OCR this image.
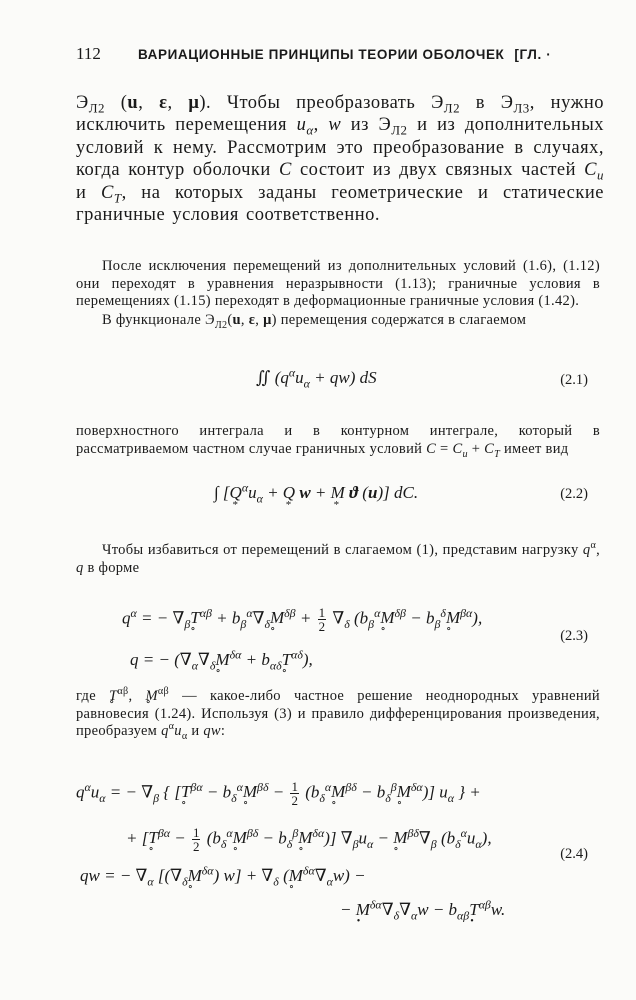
112	ВАРИАЦИОННЫЕ ПРИНЦИПЫ ТЕОРИИ ОБОЛОЧЕК [ГЛ. ·

$Э_{Л2}$ (u, ε, μ). Чтобы преобразовать $Э_{Л2}$ в $Э_{Л3}$, нужно исключить перемещения $u_\alpha$, w из $Э_{Л2}$ и из дополнительных условий к нему. Рассмотрим это преобразование в случаях, когда контур оболочки C состоит из двух связных частей $C_u$ и $C_T$, на которых заданы геометрические и статические граничные условия соответственно.

После исключения перемещений из дополнительных условий (1.6), (1.12) они переходят в уравнения неразрывности (1.13); граничные условия в перемещениях (1.15) переходят в деформационные граничные условия (1.42).

В функционале $Э_{Л2}(u$, ε, μ) перемещения содержатся в слагаемом

∬ $(q^\alpha u_\alpha + qw)$ dS	(2.1)

поверхностного интеграла и в контурном интеграле, который в рассматриваемом частном случае граничных условий $C = C_u + C_T$ имеет вид

∫ [Q $*^\alpha u_\alpha + Q * w + M * ϑ$ (u)] dC.	(2.2)

Чтобы избавиться от перемещений в слагаемом (1), представим нагрузку $q^\alpha$, q в форме

$q^\alpha$ = − $\nabla_\beta T$ ∘$^{\alpha\beta}$ + $b_\beta^\alpha\nabla_\delta M$ ∘$^{\delta\beta}$ + $\frac{1}{2} \nabla_\delta$ ($b_\beta^\alpha M$ ∘$^{\delta\beta}$ − $b_\beta^\delta M$ ∘$^{\beta\alpha}$),
q = − ($\nabla_\alpha\nabla_\delta M$ ∘$^{\delta\alpha}$ + $b_{\alpha\delta}T$ ∘$^{\alpha\delta}$),
(2.3)

где T ∘$^{\alpha\beta}$, M ∘$^{\alpha\beta}$ — какое-либо частное решение неоднородных уравнений равновесия (1.24). Используя (3) и правило дифференцирования произведения, преобразуем $q^\alpha u_\alpha$ и qw:

$q^\alpha u_\alpha$ = − $\nabla_\beta$ { [T ∘$^{\beta\alpha}$ − $b_\delta^\alpha M$ ∘$^{\beta\delta}$ − $\frac{1}{2} (b_\delta^\alpha M$ ∘$^{\beta\delta}$ − $b_\delta^\beta M$ ∘$^{\delta\alpha}$)] $u_\alpha$ } +
+ [T ∘$^{\beta\alpha}$ − $\frac{1}{2} (b_\delta^\alpha M$ ∘$^{\beta\delta}$ − $b_\delta^\beta M$ ∘$^{\delta\alpha}$)] $\nabla_\beta u_\alpha - M$ $\circ^{\beta\delta}\nabla_\beta$ $(b_\delta^\alpha u_\alpha)$,
qw = − $\nabla_\alpha$ [($\nabla_\delta M$ ∘$^{\delta\alpha}$) $w] + \nabla_\delta$ (M $\circ^{\delta\alpha}\nabla_\alpha w$) −
− M $•^{\delta\alpha}\nabla_\delta\nabla_\alpha w - b_{\alpha\beta}T$ •$^{\alpha\beta}$w.
(2.4)
